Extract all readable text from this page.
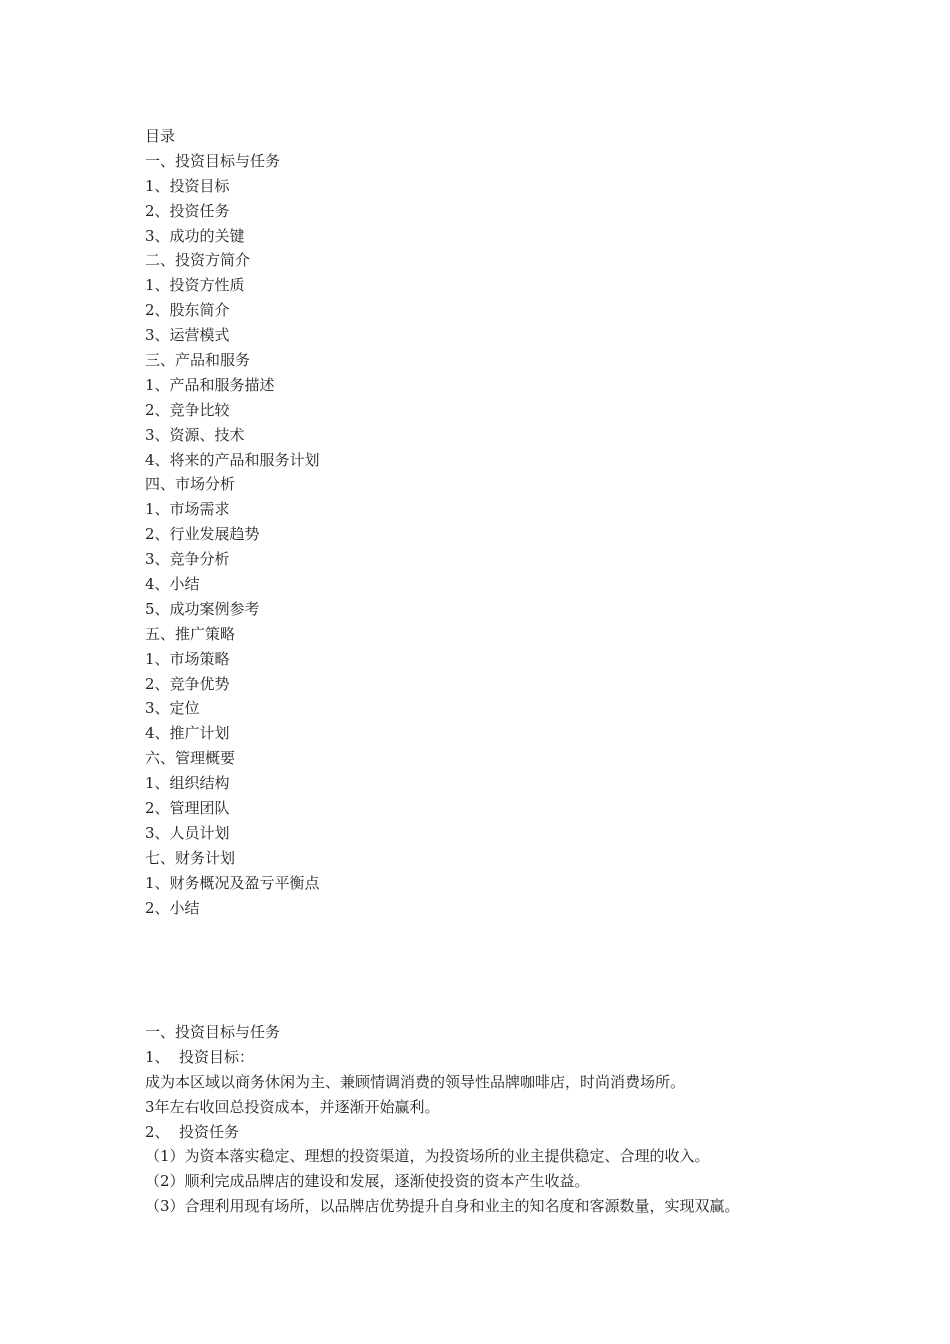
目录
一、投资目标与任务
1、投资目标
2、投资任务
3、成功的关键
二、投资方简介
1、投资方性质
2、股东简介
3、运营模式
三、产品和服务
1、产品和服务描述
2、竞争比较
3、资源、技术
4、将来的产品和服务计划
四、市场分析
1、市场需求
2、行业发展趋势
3、竞争分析
4、小结
5、成功案例参考
五、推广策略
1、市场策略
2、竞争优势
3、定位
4、推广计划
六、管理概要
1、组织结构
2、管理团队
3、人员计划
七、财务计划
1、财务概况及盈亏平衡点
2、小结
一、投资目标与任务
1、 投资目标：
成为本区域以商务休闲为主、兼顾情调消费的领导性品牌咖啡店，时尚消费场所。
3年左右收回总投资成本，并逐渐开始赢利。
2、 投资任务
（1）为资本落实稳定、理想的投资渠道，为投资场所的业主提供稳定、合理的收入。
（2）顺利完成品牌店的建设和发展，逐渐使投资的资本产生收益。
（3）合理利用现有场所，以品牌店优势提升自身和业主的知名度和客源数量，实现双赢。
